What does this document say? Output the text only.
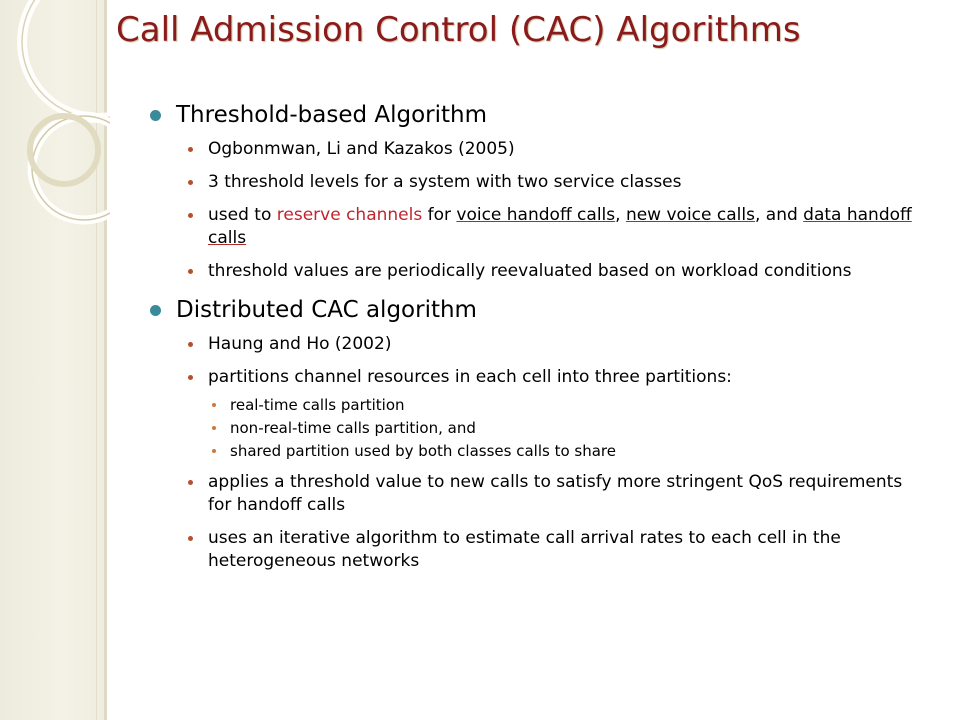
Call Admission Control (CAC) Algorithms
Threshold-based Algorithm
Ogbonmwan, Li and Kazakos (2005)
3 threshold levels for a system with two service classes
used to reserve channels for voice handoff calls, new voice calls, and data handoff calls
threshold values are periodically reevaluated based on workload conditions
Distributed CAC algorithm
Haung and Ho (2002)
partitions channel resources in each cell into three partitions:
real-time calls partition
non-real-time calls partition, and
shared partition used by both classes calls to share
applies a threshold value to new calls to satisfy more stringent QoS requirements for handoff calls
uses an iterative algorithm to estimate call arrival rates to each cell in the heterogeneous networks
